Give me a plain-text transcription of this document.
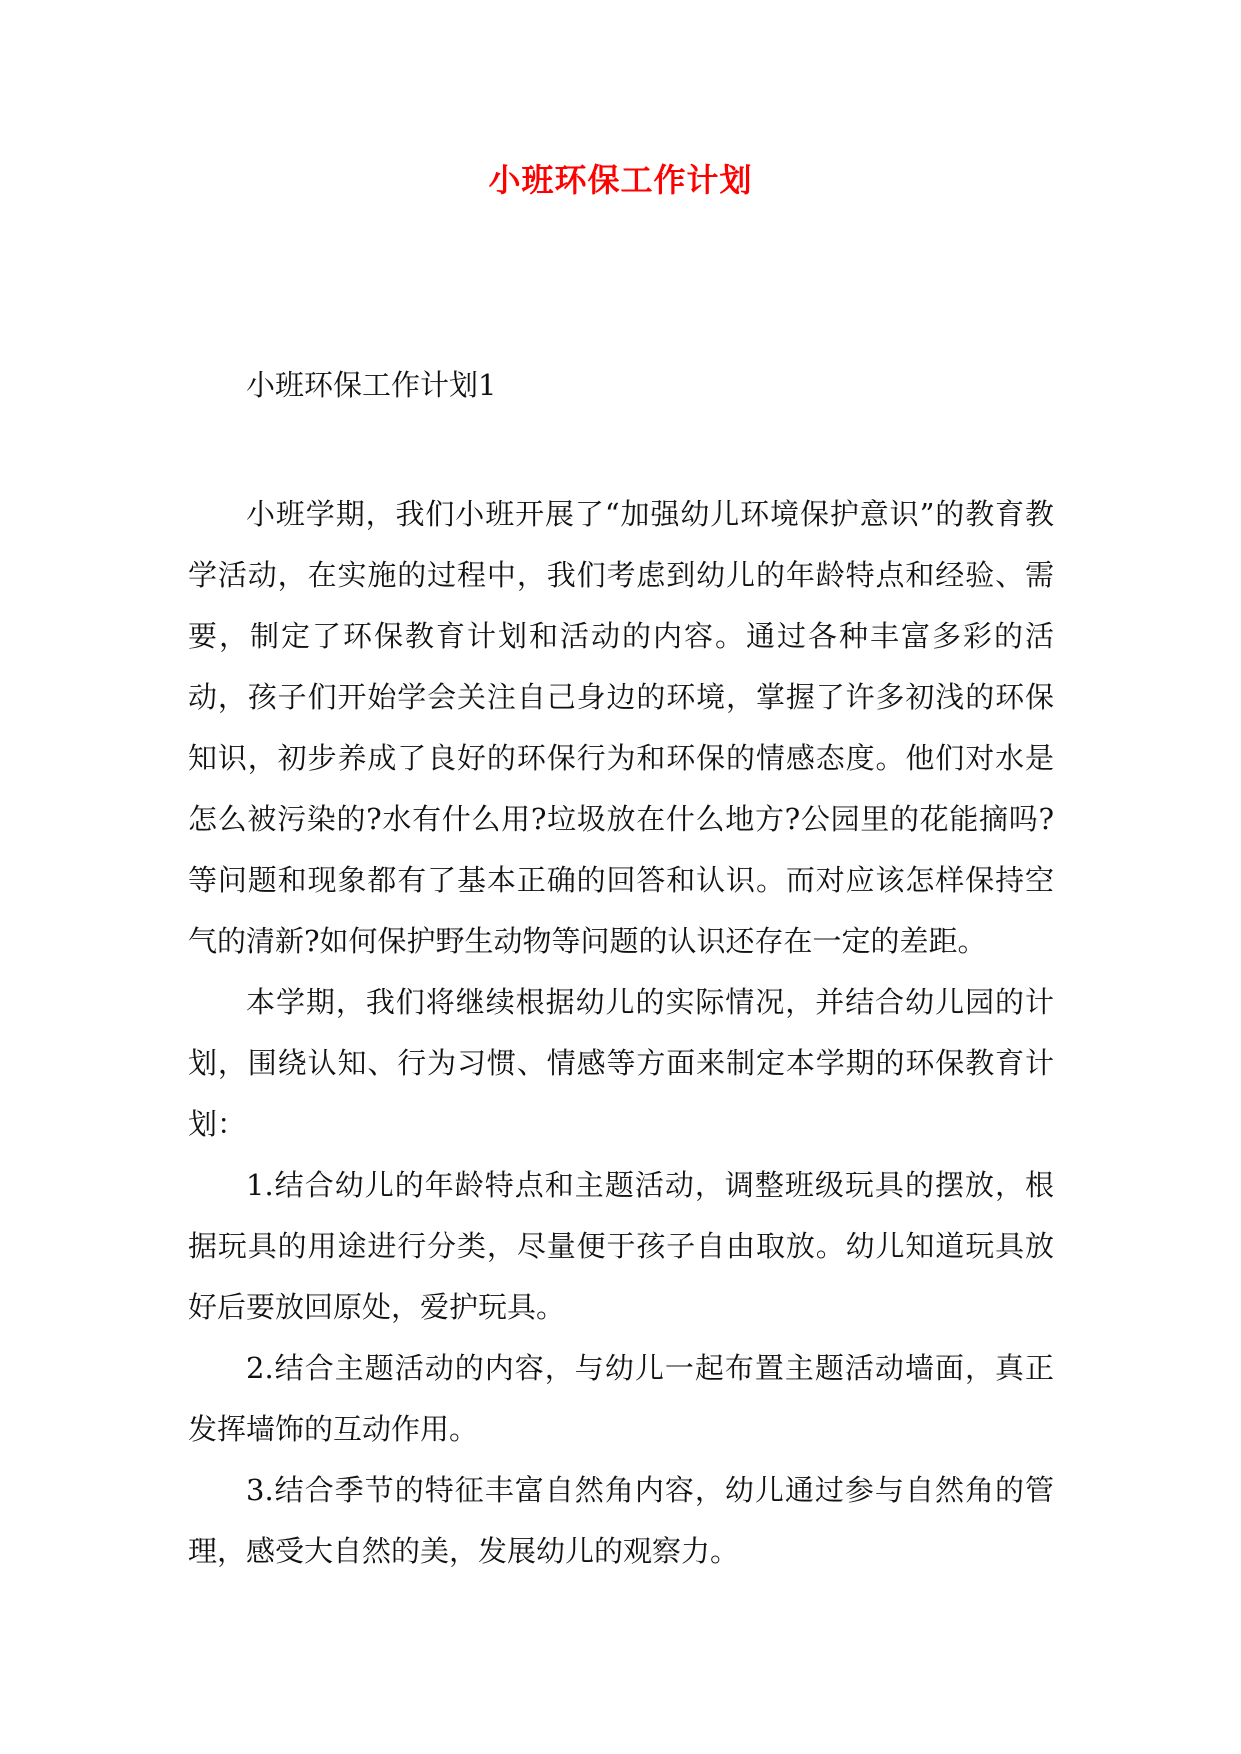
小班环保工作计划
小班环保工作计划1

小班学期，我们小班开展了“加强幼儿环境保护意识”的教育教学活动，在实施的过程中，我们考虑到幼儿的年龄特点和经验、需要，制定了环保教育计划和活动的内容。通过各种丰富多彩的活动，孩子们开始学会关注自己身边的环境，掌握了许多初浅的环保知识，初步养成了良好的环保行为和环保的情感态度。他们对水是怎么被污染的?水有什么用?垃圾放在什么地方?公园里的花能摘吗?等问题和现象都有了基本正确的回答和认识。而对应该怎样保持空气的清新?如何保护野生动物等问题的认识还存在一定的差距。

本学期，我们将继续根据幼儿的实际情况，并结合幼儿园的计划，围绕认知、行为习惯、情感等方面来制定本学期的环保教育计划：

1.结合幼儿的年龄特点和主题活动，调整班级玩具的摆放，根据玩具的用途进行分类，尽量便于孩子自由取放。幼儿知道玩具放好后要放回原处，爱护玩具。

2.结合主题活动的内容，与幼儿一起布置主题活动墙面，真正发挥墙饰的互动作用。

3.结合季节的特征丰富自然角内容，幼儿通过参与自然角的管理，感受大自然的美，发展幼儿的观察力。
